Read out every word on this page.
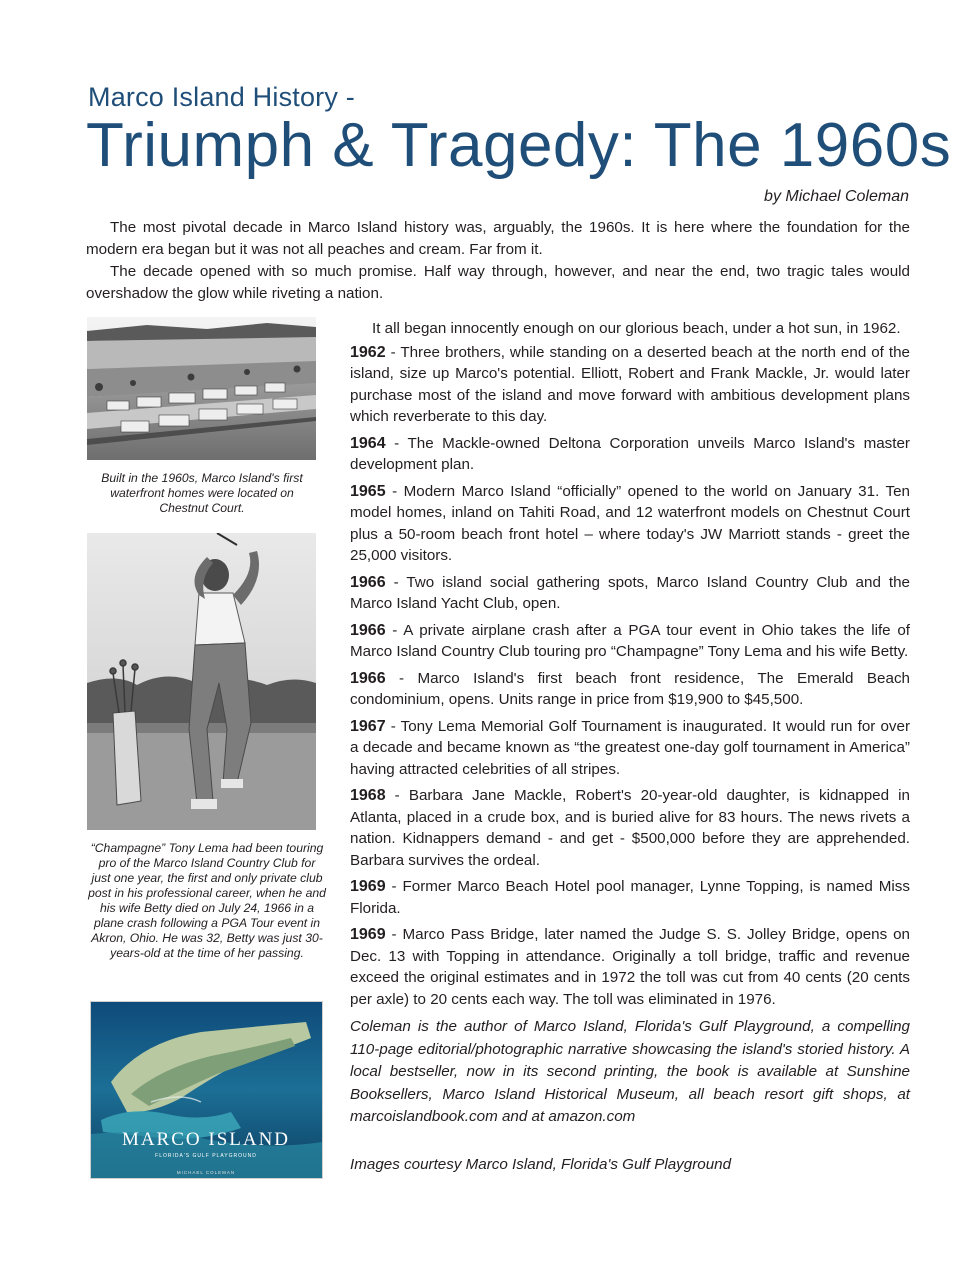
Marco Island History -
Triumph & Tragedy: The 1960s
by Michael Coleman

The most pivotal decade in Marco Island history was, arguably, the 1960s. It is here where the foundation for the modern era began but it was not all peaches and cream. Far from it.

The decade opened with so much promise. Half way through, however, and near the end, two tragic tales would overshadow the glow while riveting a nation.

Built in the 1960s, Marco Island's first waterfront homes were located on Chestnut Court.
“Champagne” Tony Lema had been touring pro of the Marco Island Country Club for just one year, the first and only private club post in his professional career, when he and his wife Betty died on July 24, 1966 in a plane crash following a PGA Tour event in Akron, Ohio. He was 32, Betty was just 30-years-old at the time of her passing.
MARCO ISLAND
FLORIDA'S GULF PLAYGROUND
MICHAEL COLEMAN

It all began innocently enough on our glorious beach, under a hot sun, in 1962.

1962 - Three brothers, while standing on a deserted beach at the north end of the island, size up Marco's potential. Elliott, Robert and Frank Mackle, Jr. would later purchase most of the island and move forward with ambitious development plans which reverberate to this day.

1964 - The Mackle-owned Deltona Corporation unveils Marco Island's master development plan.

1965 - Modern Marco Island “officially” opened to the world on January 31. Ten model homes, inland on Tahiti Road, and 12 waterfront models on Chestnut Court plus a 50-room beach front hotel – where today's JW Marriott stands - greet the 25,000 visitors.

1966 - Two island social gathering spots, Marco Island Country Club and the Marco Island Yacht Club, open.

1966 - A private airplane crash after a PGA tour event in Ohio takes the life of Marco Island Country Club touring pro “Champagne” Tony Lema and his wife Betty.

1966 - Marco Island's first beach front residence, The Emerald Beach condominium, opens. Units range in price from $19,900 to $45,500.

1967 - Tony Lema Memorial Golf Tournament is inaugurated. It would run for over a decade and became known as “the greatest one-day golf tournament in America” having attracted celebrities of all stripes.

1968 - Barbara Jane Mackle, Robert's 20-year-old daughter, is kidnapped in Atlanta, placed in a crude box, and is buried alive for 83 hours. The news rivets a nation. Kidnappers demand - and get - $500,000 before they are apprehended. Barbara survives the ordeal.

1969 - Former Marco Beach Hotel pool manager, Lynne Topping, is named Miss Florida.

1969 - Marco Pass Bridge, later named the Judge S. S. Jolley Bridge, opens on Dec. 13 with Topping in attendance. Originally a toll bridge, traffic and revenue exceed the original estimates and in 1972 the toll was cut from 40 cents (20 cents per axle) to 20 cents each way. The toll was eliminated in 1976.

Coleman is the author of Marco Island, Florida's Gulf Playground, a compelling 110-page editorial/photographic narrative showcasing the island's storied history. A local bestseller, now in its second printing, the book is available at Sunshine Booksellers, Marco Island Historical Museum, all beach resort gift shops, at marcoislandbook.com and at amazon.com
Images courtesy Marco Island, Florida's Gulf Playground
